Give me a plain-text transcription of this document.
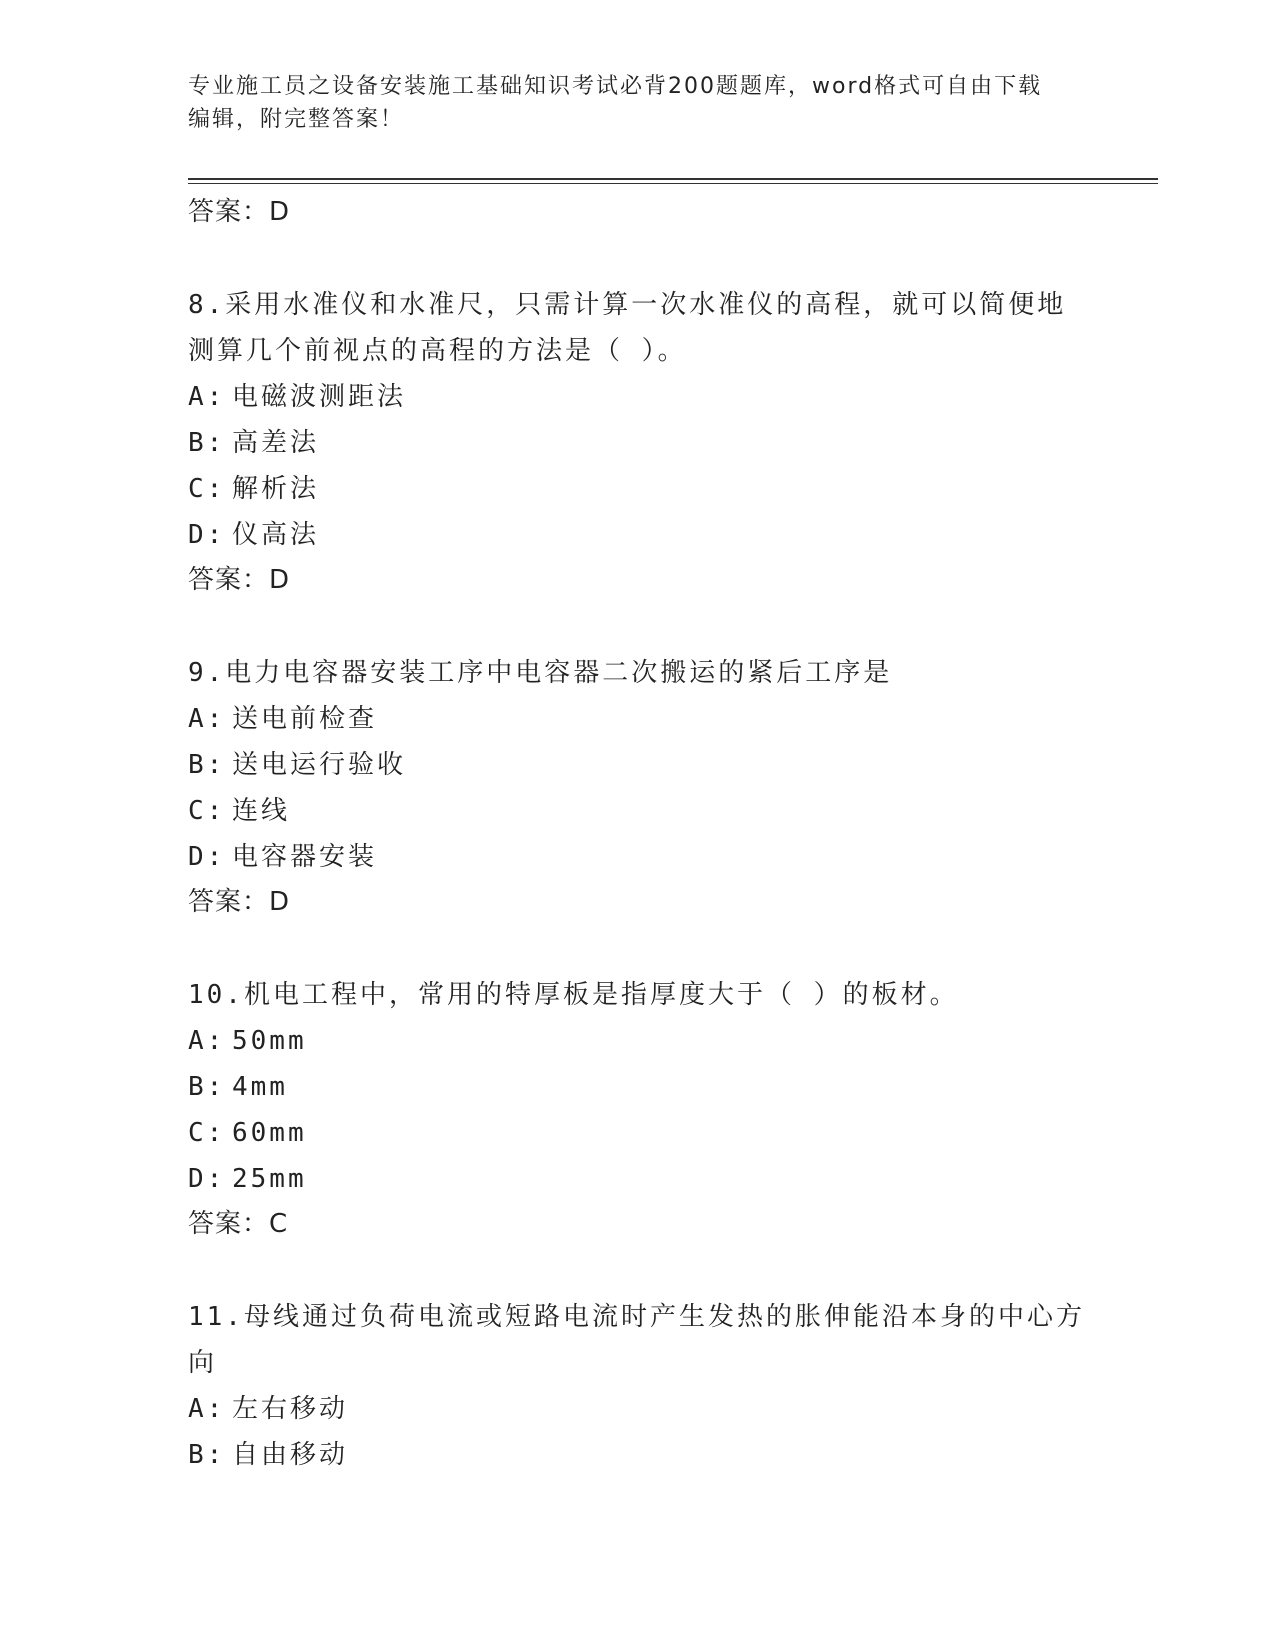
专业施工员之设备安装施工基础知识考试必背200题题库，word格式可自由下载
编辑，附完整答案！
答案：D
8.采用水准仪和水准尺，只需计算一次水准仪的高程，就可以简便地
测算几个前视点的高程的方法是（ ）。
A: 电磁波测距法
B: 高差法
C: 解析法
D: 仪高法
答案：D
9.电力电容器安装工序中电容器二次搬运的紧后工序是
A: 送电前检查
B: 送电运行验收
C: 连线
D: 电容器安装
答案：D
10.机电工程中，常用的特厚板是指厚度大于（ ）的板材。
A: 50mm
B: 4mm
C: 60mm
D: 25mm
答案：C
11.母线通过负荷电流或短路电流时产生发热的胀伸能沿本身的中心方
向
A: 左右移动
B: 自由移动
